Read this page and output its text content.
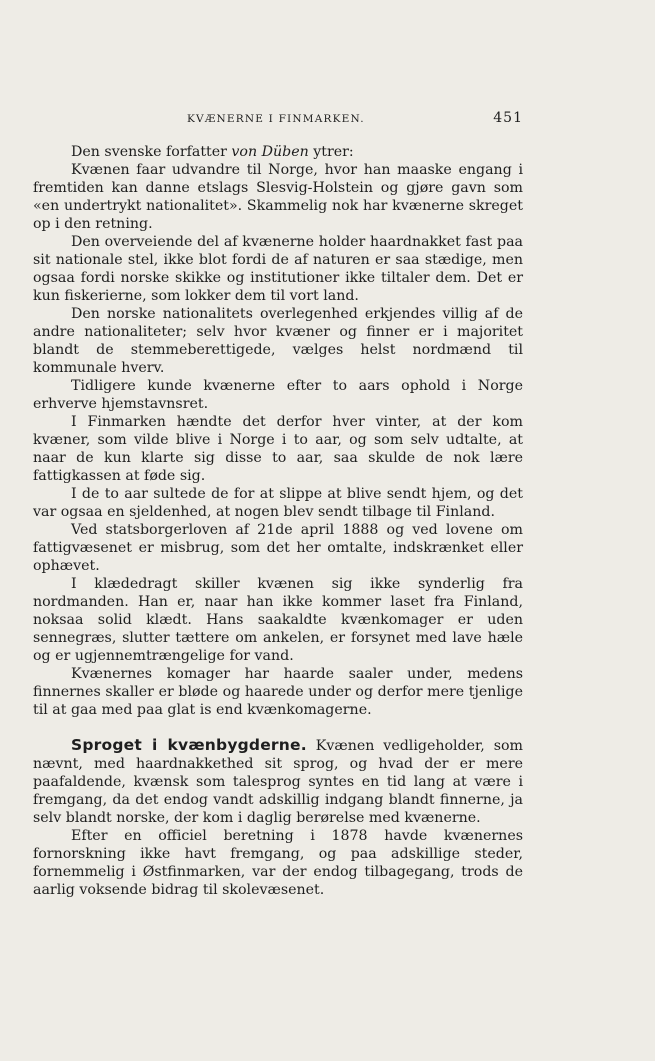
KVÆNERNE I FINMARKEN.	451

Den svenske forfatter von Düben ytrer:

Kvænen faar udvandre til Norge, hvor han maaske engang i fremtiden kan danne etslags Slesvig-Holstein og gjøre gavn som «en undertrykt nationalitet». Skammelig nok har kvænerne skreget op i den retning.

Den overveiende del af kvænerne holder haardnakket fast paa sit nationale stel, ikke blot fordi de af naturen er saa stædige, men ogsaa fordi norske skikke og institutioner ikke tiltaler dem. Det er kun fiskerierne, som lokker dem til vort land.

Den norske nationalitets overlegenhed erkjendes villig af de andre nationaliteter; selv hvor kvæner og finner er i majoritet blandt de stemmeberettigede, vælges helst nordmænd til kommunale hverv.

Tidligere kunde kvænerne efter to aars ophold i Norge erhverve hjemstavnsret.

I Finmarken hændte det derfor hver vinter, at der kom kvæner, som vilde blive i Norge i to aar, og som selv udtalte, at naar de kun klarte sig disse to aar, saa skulde de nok lære fattigkassen at føde sig.

I de to aar sultede de for at slippe at blive sendt hjem, og det var ogsaa en sjeldenhed, at nogen blev sendt tilbage til Finland.

Ved statsborgerloven af 21de april 1888 og ved lovene om fattigvæsenet er misbrug, som det her omtalte, indskrænket eller ophævet.

I klædedragt skiller kvænen sig ikke synderlig fra nordmanden. Han er, naar han ikke kommer laset fra Finland, noksaa solid klædt. Hans saakaldte kvænkomager er uden sennegræs, slutter tættere om ankelen, er forsynet med lave hæle og er ugjennemtrængelige for vand.

Kvænernes komager har haarde saaler under, medens finnernes skaller er bløde og haarede under og derfor mere tjenlige til at gaa med paa glat is end kvænkomagerne.

Sproget i kvænbygderne. Kvænen vedligeholder, som nævnt, med haardnakkethed sit sprog, og hvad der er mere paafaldende, kvænsk som talesprog syntes en tid lang at være i fremgang, da det endog vandt adskillig indgang blandt finnerne, ja selv blandt norske, der kom i daglig berørelse med kvænerne.

Efter en officiel beretning i 1878 havde kvænernes fornorskning ikke havt fremgang, og paa adskillige steder, fornemmelig i Østfinmarken, var der endog tilbagegang, trods de aarlig voksende bidrag til skolevæsenet.
